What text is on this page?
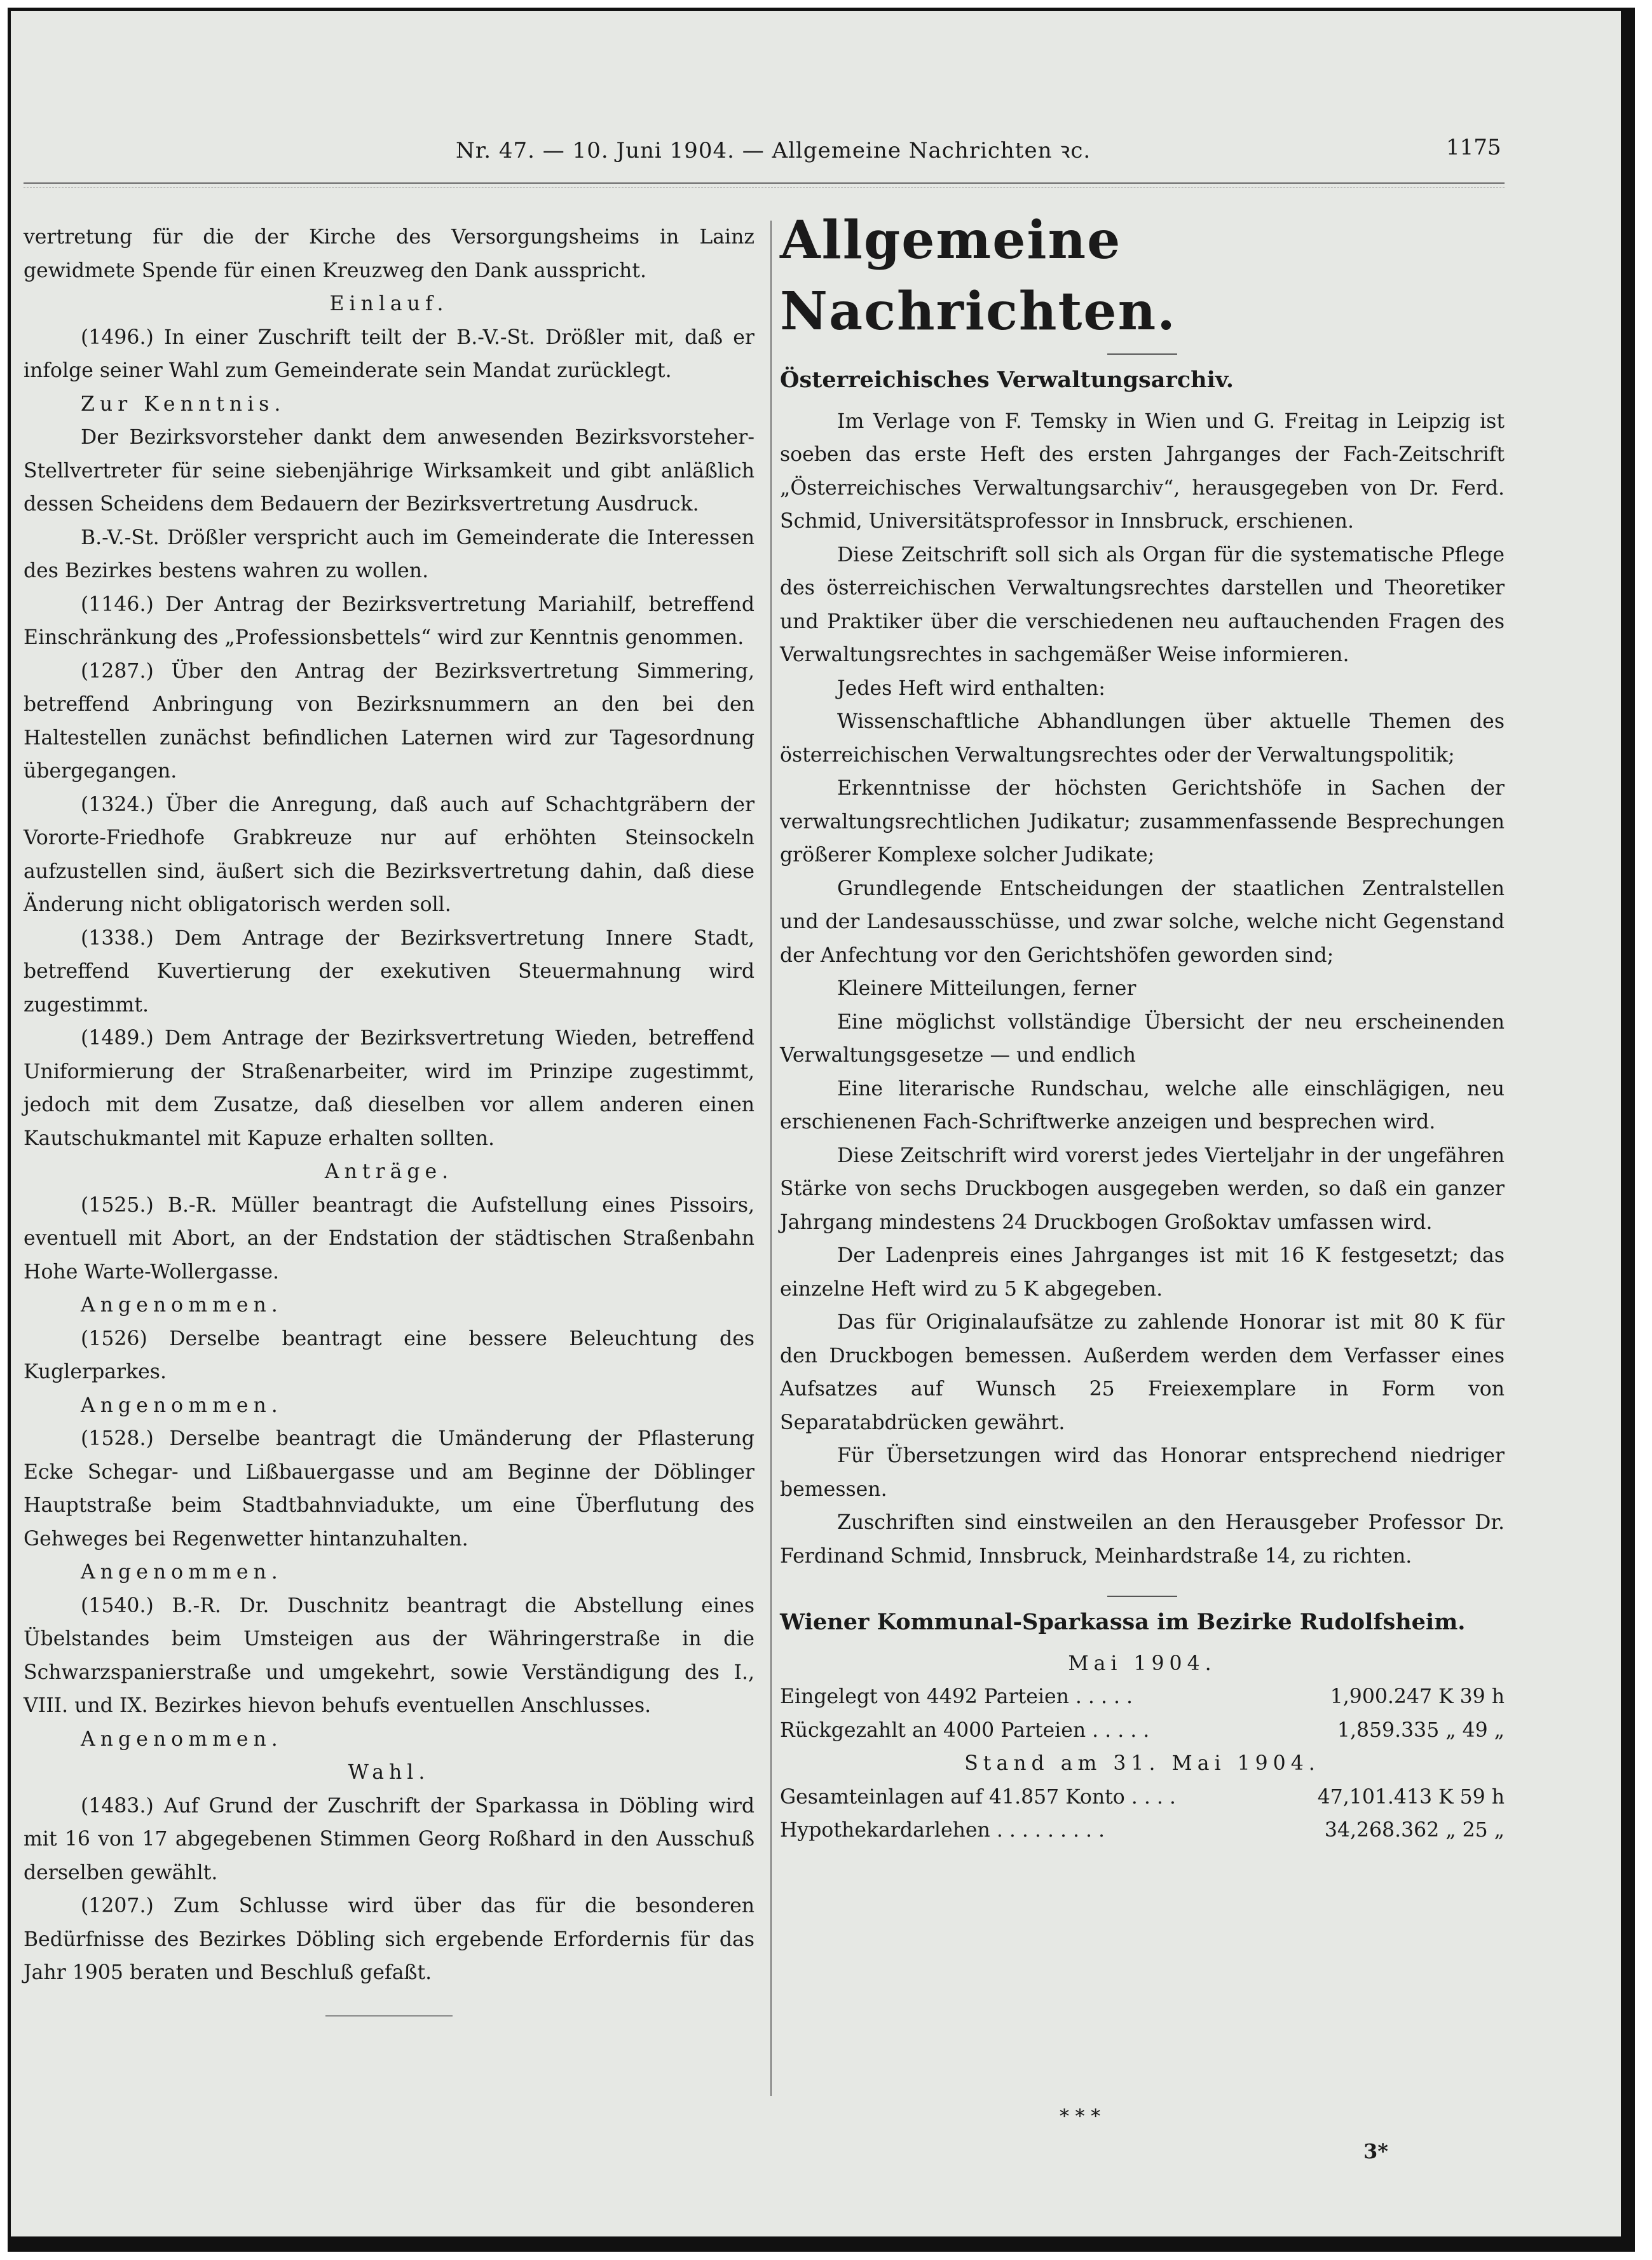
Nr. 47. — 10. Juni 1904. — Allgemeine Nachrichten ꝛc.	1175

vertretung für die der Kirche des Versorgungsheims in Lainz gewidmete Spende für einen Kreuzweg den Dank ausspricht.

Einlauf.

(1496.) In einer Zuschrift teilt der B.-V.-St. Drößler mit, daß er infolge seiner Wahl zum Gemeinderate sein Mandat zurücklegt.

Zur Kenntnis.

Der Bezirksvorsteher dankt dem anwesenden Bezirksvorsteher-Stellvertreter für seine siebenjährige Wirksamkeit und gibt anläßlich dessen Scheidens dem Bedauern der Bezirksvertretung Ausdruck.

B.-V.-St. Drößler verspricht auch im Gemeinderate die Interessen des Bezirkes bestens wahren zu wollen.

(1146.) Der Antrag der Bezirksvertretung Mariahilf, betreffend Einschränkung des „Professionsbettels“ wird zur Kenntnis genommen.

(1287.) Über den Antrag der Bezirksvertretung Simmering, betreffend Anbringung von Bezirksnummern an den bei den Haltestellen zunächst befindlichen Laternen wird zur Tagesordnung übergegangen.

(1324.) Über die Anregung, daß auch auf Schachtgräbern der Vororte-Friedhofe Grabkreuze nur auf erhöhten Steinsockeln aufzustellen sind, äußert sich die Bezirksvertretung dahin, daß diese Änderung nicht obligatorisch werden soll.

(1338.) Dem Antrage der Bezirksvertretung Innere Stadt, betreffend Kuvertierung der exekutiven Steuermahnung wird zugestimmt.

(1489.) Dem Antrage der Bezirksvertretung Wieden, betreffend Uniformierung der Straßenarbeiter, wird im Prinzipe zugestimmt, jedoch mit dem Zusatze, daß dieselben vor allem anderen einen Kautschukmantel mit Kapuze erhalten sollten.

Anträge.

(1525.) B.-R. Müller beantragt die Aufstellung eines Pissoirs, eventuell mit Abort, an der Endstation der städtischen Straßenbahn Hohe Warte-Wollergasse.

Angenommen.

(1526) Derselbe beantragt eine bessere Beleuchtung des Kuglerparkes.

Angenommen.

(1528.) Derselbe beantragt die Umänderung der Pflasterung Ecke Schegar- und Lißbauergasse und am Beginne der Döblinger Hauptstraße beim Stadtbahnviadukte, um eine Überflutung des Gehweges bei Regenwetter hintanzuhalten.

Angenommen.

(1540.) B.-R. Dr. Duschnitz beantragt die Abstellung eines Übelstandes beim Umsteigen aus der Währingerstraße in die Schwarzspanierstraße und umgekehrt, sowie Verständigung des I., VIII. und IX. Bezirkes hievon behufs eventuellen Anschlusses.

Angenommen.

Wahl.

(1483.) Auf Grund der Zuschrift der Sparkassa in Döbling wird mit 16 von 17 abgegebenen Stimmen Georg Roßhard in den Ausschuß derselben gewählt.

(1207.) Zum Schlusse wird über das für die besonderen Bedürfnisse des Bezirkes Döbling sich ergebende Erfordernis für das Jahr 1905 beraten und Beschluß gefaßt.

Allgemeine Nachrichten.

Österreichisches Verwaltungsarchiv.

Im Verlage von F. Temsky in Wien und G. Freitag in Leipzig ist soeben das erste Heft des ersten Jahrganges der Fach-Zeitschrift „Österreichisches Verwaltungsarchiv“, herausgegeben von Dr. Ferd. Schmid, Universitätsprofessor in Innsbruck, erschienen.

Diese Zeitschrift soll sich als Organ für die systematische Pflege des österreichischen Verwaltungsrechtes darstellen und Theoretiker und Praktiker über die verschiedenen neu auftauchenden Fragen des Verwaltungsrechtes in sachgemäßer Weise informieren.

Jedes Heft wird enthalten:

Wissenschaftliche Abhandlungen über aktuelle Themen des österreichischen Verwaltungsrechtes oder der Verwaltungspolitik;

Erkenntnisse der höchsten Gerichtshöfe in Sachen der verwaltungsrechtlichen Judikatur; zusammenfassende Besprechungen größerer Komplexe solcher Judikate;

Grundlegende Entscheidungen der staatlichen Zentralstellen und der Landesausschüsse, und zwar solche, welche nicht Gegenstand der Anfechtung vor den Gerichtshöfen geworden sind;

Kleinere Mitteilungen, ferner

Eine möglichst vollständige Übersicht der neu erscheinenden Verwaltungsgesetze — und endlich

Eine literarische Rundschau, welche alle einschlägigen, neu erschienenen Fach-Schriftwerke anzeigen und besprechen wird.

Diese Zeitschrift wird vorerst jedes Vierteljahr in der ungefähren Stärke von sechs Druckbogen ausgegeben werden, so daß ein ganzer Jahrgang mindestens 24 Druckbogen Großoktav umfassen wird.

Der Ladenpreis eines Jahrganges ist mit 16 K festgesetzt; das einzelne Heft wird zu 5 K abgegeben.

Das für Originalaufsätze zu zahlende Honorar ist mit 80 K für den Druckbogen bemessen. Außerdem werden dem Verfasser eines Aufsatzes auf Wunsch 25 Freiexemplare in Form von Separatabdrücken gewährt.

Für Übersetzungen wird das Honorar entsprechend niedriger bemessen.

Zuschriften sind einstweilen an den Herausgeber Professor Dr. Ferdinand Schmid, Innsbruck, Meinhardstraße 14, zu richten.

Wiener Kommunal-Sparkassa im Bezirke Rudolfsheim.

Mai 1904.

Eingelegt von 4492 Parteien . . . . .	1,900.247 K 39 h
Rückgezahlt an 4000 Parteien . . . . .	1,859.335 „ 49 „

Stand am 31. Mai 1904.

Gesamteinlagen auf 41.857 Konto . . . .	47,101.413 K 59 h
Hypothekardarlehen . . . . . . . . .	34,268.362 „ 25 „
* * *
3*
